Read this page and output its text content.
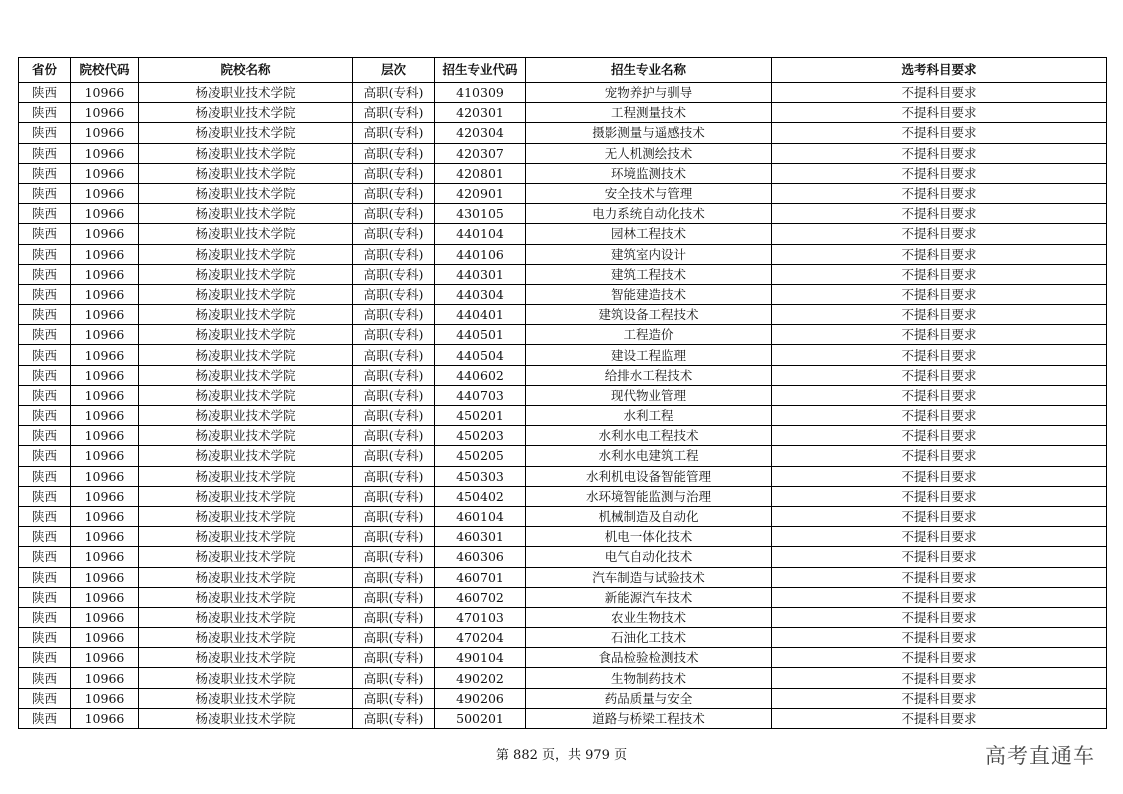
省份	院校代码	院校名称	层次	招生专业代码	招生专业名称	选考科目要求
陕西	10966	杨凌职业技术学院	高职(专科)	410309	宠物养护与驯导	不提科目要求
陕西	10966	杨凌职业技术学院	高职(专科)	420301	工程测量技术	不提科目要求
陕西	10966	杨凌职业技术学院	高职(专科)	420304	摄影测量与遥感技术	不提科目要求
陕西	10966	杨凌职业技术学院	高职(专科)	420307	无人机测绘技术	不提科目要求
陕西	10966	杨凌职业技术学院	高职(专科)	420801	环境监测技术	不提科目要求
陕西	10966	杨凌职业技术学院	高职(专科)	420901	安全技术与管理	不提科目要求
陕西	10966	杨凌职业技术学院	高职(专科)	430105	电力系统自动化技术	不提科目要求
陕西	10966	杨凌职业技术学院	高职(专科)	440104	园林工程技术	不提科目要求
陕西	10966	杨凌职业技术学院	高职(专科)	440106	建筑室内设计	不提科目要求
陕西	10966	杨凌职业技术学院	高职(专科)	440301	建筑工程技术	不提科目要求
陕西	10966	杨凌职业技术学院	高职(专科)	440304	智能建造技术	不提科目要求
陕西	10966	杨凌职业技术学院	高职(专科)	440401	建筑设备工程技术	不提科目要求
陕西	10966	杨凌职业技术学院	高职(专科)	440501	工程造价	不提科目要求
陕西	10966	杨凌职业技术学院	高职(专科)	440504	建设工程监理	不提科目要求
陕西	10966	杨凌职业技术学院	高职(专科)	440602	给排水工程技术	不提科目要求
陕西	10966	杨凌职业技术学院	高职(专科)	440703	现代物业管理	不提科目要求
陕西	10966	杨凌职业技术学院	高职(专科)	450201	水利工程	不提科目要求
陕西	10966	杨凌职业技术学院	高职(专科)	450203	水利水电工程技术	不提科目要求
陕西	10966	杨凌职业技术学院	高职(专科)	450205	水利水电建筑工程	不提科目要求
陕西	10966	杨凌职业技术学院	高职(专科)	450303	水利机电设备智能管理	不提科目要求
陕西	10966	杨凌职业技术学院	高职(专科)	450402	水环境智能监测与治理	不提科目要求
陕西	10966	杨凌职业技术学院	高职(专科)	460104	机械制造及自动化	不提科目要求
陕西	10966	杨凌职业技术学院	高职(专科)	460301	机电一体化技术	不提科目要求
陕西	10966	杨凌职业技术学院	高职(专科)	460306	电气自动化技术	不提科目要求
陕西	10966	杨凌职业技术学院	高职(专科)	460701	汽车制造与试验技术	不提科目要求
陕西	10966	杨凌职业技术学院	高职(专科)	460702	新能源汽车技术	不提科目要求
陕西	10966	杨凌职业技术学院	高职(专科)	470103	农业生物技术	不提科目要求
陕西	10966	杨凌职业技术学院	高职(专科)	470204	石油化工技术	不提科目要求
陕西	10966	杨凌职业技术学院	高职(专科)	490104	食品检验检测技术	不提科目要求
陕西	10966	杨凌职业技术学院	高职(专科)	490202	生物制药技术	不提科目要求
陕西	10966	杨凌职业技术学院	高职(专科)	490206	药品质量与安全	不提科目要求
陕西	10966	杨凌职业技术学院	高职(专科)	500201	道路与桥梁工程技术	不提科目要求
第 882 页，共 979 页	高考直通车
